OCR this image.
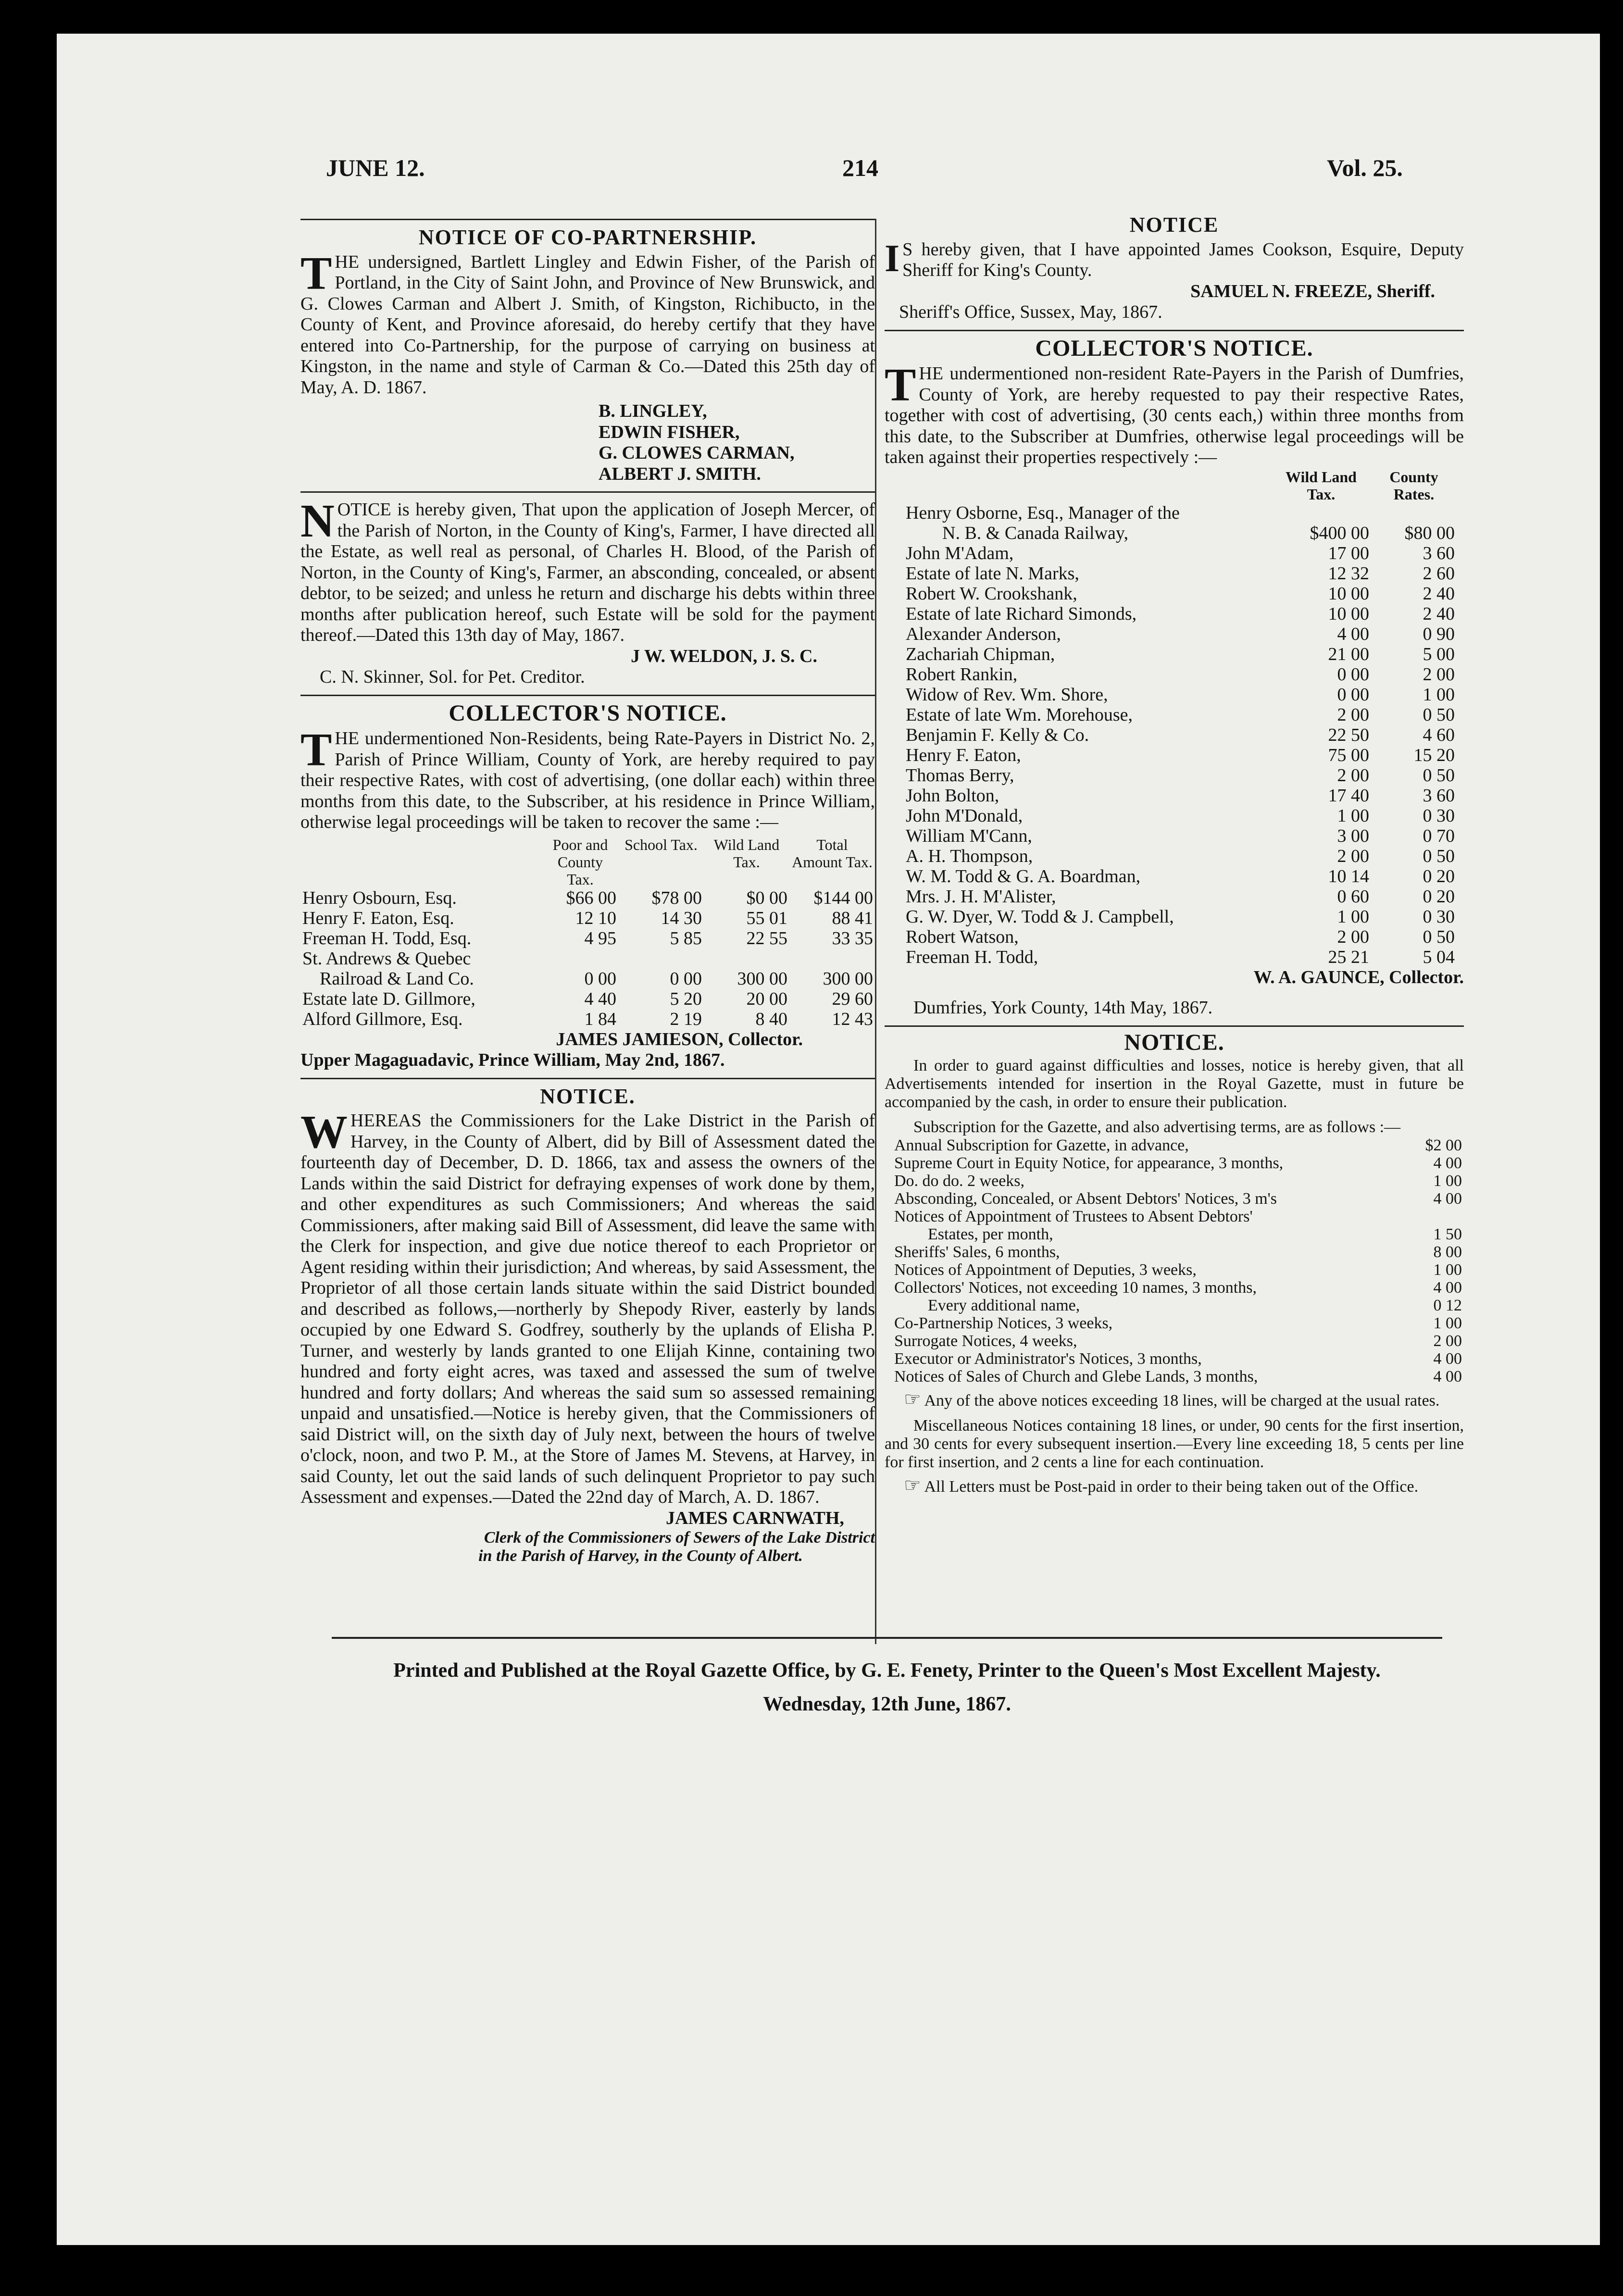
JUNE 12.	214	Vol. 25.
NOTICE OF CO-PARTNERSHIP.

THE undersigned, Bartlett Lingley and Edwin Fisher, of the Parish of Portland, in the City of Saint John, and Province of New Brunswick, and G. Clowes Carman and Albert J. Smith, of Kingston, Richibucto, in the County of Kent, and Province aforesaid, do hereby certify that they have entered into Co-Partnership, for the purpose of carrying on business at Kingston, in the name and style of Carman & Co.—Dated this 25th day of May, A. D. 1867.

B. LINGLEY,
EDWIN FISHER,
G. CLOWES CARMAN,
ALBERT J. SMITH.

NOTICE is hereby given, That upon the application of Joseph Mercer, of the Parish of Norton, in the County of King's, Farmer, I have directed all the Estate, as well real as personal, of Charles H. Blood, of the Parish of Norton, in the County of King's, Farmer, an absconding, concealed, or absent debtor, to be seized; and unless he return and discharge his debts within three months after publication hereof, such Estate will be sold for the payment thereof.—Dated this 13th day of May, 1867.

J W. WELDON, J. S. C.
C. N. Skinner, Sol. for Pet. Creditor.
COLLECTOR'S NOTICE.

THE undermentioned Non-Residents, being Rate-Payers in District No. 2, Parish of Prince William, County of York, are hereby required to pay their respective Rates, with cost of advertising, (one dollar each) within three months from this date, to the Subscriber, at his residence in Prince William, otherwise legal proceedings will be taken to recover the same :—

	Poor and County Tax.	School Tax.	Wild Land Tax.	Total Amount Tax.
Henry Osbourn, Esq.	$66 00	$78 00	$0 00	$144 00
Henry F. Eaton, Esq.	12 10	14 30	55 01	88 41
Freeman H. Todd, Esq.	4 95	5 85	22 55	33 35
St. Andrews & Quebec				
Railroad & Land Co.	0 00	0 00	300 00	300 00
Estate late D. Gillmore,	4 40	5 20	20 00	29 60
Alford Gillmore, Esq.	1 84	2 19	8 40	12 43
JAMES JAMIESON, Collector.
Upper Magaguadavic, Prince William, May 2nd, 1867.
NOTICE.

WHEREAS the Commissioners for the Lake District in the Parish of Harvey, in the County of Albert, did by Bill of Assessment dated the fourteenth day of December, D. D. 1866, tax and assess the owners of the Lands within the said District for defraying expenses of work done by them, and other expenditures as such Commissioners; And whereas the said Commissioners, after making said Bill of Assessment, did leave the same with the Clerk for inspection, and give due notice thereof to each Proprietor or Agent residing within their jurisdiction; And whereas, by said Assessment, the Proprietor of all those certain lands situate within the said District bounded and described as follows,—northerly by Shepody River, easterly by lands occupied by one Edward S. Godfrey, southerly by the uplands of Elisha P. Turner, and westerly by lands granted to one Elijah Kinne, containing two hundred and forty eight acres, was taxed and assessed the sum of twelve hundred and forty dollars; And whereas the said sum so assessed remaining unpaid and unsatisfied.—Notice is hereby given, that the Commissioners of said District will, on the sixth day of July next, between the hours of twelve o'clock, noon, and two P. M., at the Store of James M. Stevens, at Harvey, in said County, let out the said lands of such delinquent Proprietor to pay such Assessment and expenses.—Dated the 22nd day of March, A. D. 1867.

JAMES CARNWATH,
Clerk of the Commissioners of Sewers of the Lake District
in the Parish of Harvey, in the County of Albert.
NOTICE

I S hereby given, that I have appointed James Cookson, Esquire, Deputy Sheriff for King's County.

SAMUEL N. FREEZE, Sheriff.
Sheriff's Office, Sussex, May, 1867.
COLLECTOR'S NOTICE.

THE undermentioned non-resident Rate-Payers in the Parish of Dumfries, County of York, are hereby requested to pay their respective Rates, together with cost of advertising, (30 cents each,) within three months from this date, to the Subscriber at Dumfries, otherwise legal proceedings will be taken against their properties respectively :—

	Wild Land Tax.	County Rates.
Henry Osborne, Esq., Manager of the		
N. B. & Canada Railway,	$400 00	$80 00
John M'Adam,	17 00	3 60
Estate of late N. Marks,	12 32	2 60
Robert W. Crookshank,	10 00	2 40
Estate of late Richard Simonds,	10 00	2 40
Alexander Anderson,	4 00	0 90
Zachariah Chipman,	21 00	5 00
Robert Rankin,	0 00	2 00
Widow of Rev. Wm. Shore,	0 00	1 00
Estate of late Wm. Morehouse,	2 00	0 50
Benjamin F. Kelly & Co.	22 50	4 60
Henry F. Eaton,	75 00	15 20
Thomas Berry,	2 00	0 50
John Bolton,	17 40	3 60
John M'Donald,	1 00	0 30
William M'Cann,	3 00	0 70
A. H. Thompson,	2 00	0 50
W. M. Todd & G. A. Boardman,	10 14	0 20
Mrs. J. H. M'Alister,	0 60	0 20
G. W. Dyer, W. Todd & J. Campbell,	1 00	0 30
Robert Watson,	2 00	0 50
Freeman H. Todd,	25 21	5 04
W. A. GAUNCE, Collector.
Dumfries, York County, 14th May, 1867.
NOTICE.

In order to guard against difficulties and losses, notice is hereby given, that all Advertisements intended for insertion in the Royal Gazette, must in future be accompanied by the cash, in order to ensure their publication.

Subscription for the Gazette, and also advertising terms, are as follows :—

Annual Subscription for Gazette, in advance,	$2 00
Supreme Court in Equity Notice, for appearance, 3 months,	4 00
Do. do do. 2 weeks,	1 00
Absconding, Concealed, or Absent Debtors' Notices, 3 m's	4 00
Notices of Appointment of Trustees to Absent Debtors'	
Estates, per month,	1 50
Sheriffs' Sales, 6 months,	8 00
Notices of Appointment of Deputies, 3 weeks,	1 00
Collectors' Notices, not exceeding 10 names, 3 months,	4 00
Every additional name,	0 12
Co-Partnership Notices, 3 weeks,	1 00
Surrogate Notices, 4 weeks,	2 00
Executor or Administrator's Notices, 3 months,	4 00
Notices of Sales of Church and Glebe Lands, 3 months,	4 00

☞ Any of the above notices exceeding 18 lines, will be charged at the usual rates.

Miscellaneous Notices containing 18 lines, or under, 90 cents for the first insertion, and 30 cents for every subsequent insertion.—Every line exceeding 18, 5 cents per line for first insertion, and 2 cents a line for each continuation.

☞ All Letters must be Post-paid in order to their being taken out of the Office.

Printed and Published at the Royal Gazette Office, by G. E. Fenety, Printer to the Queen's Most Excellent Majesty.
Wednesday, 12th June, 1867.
